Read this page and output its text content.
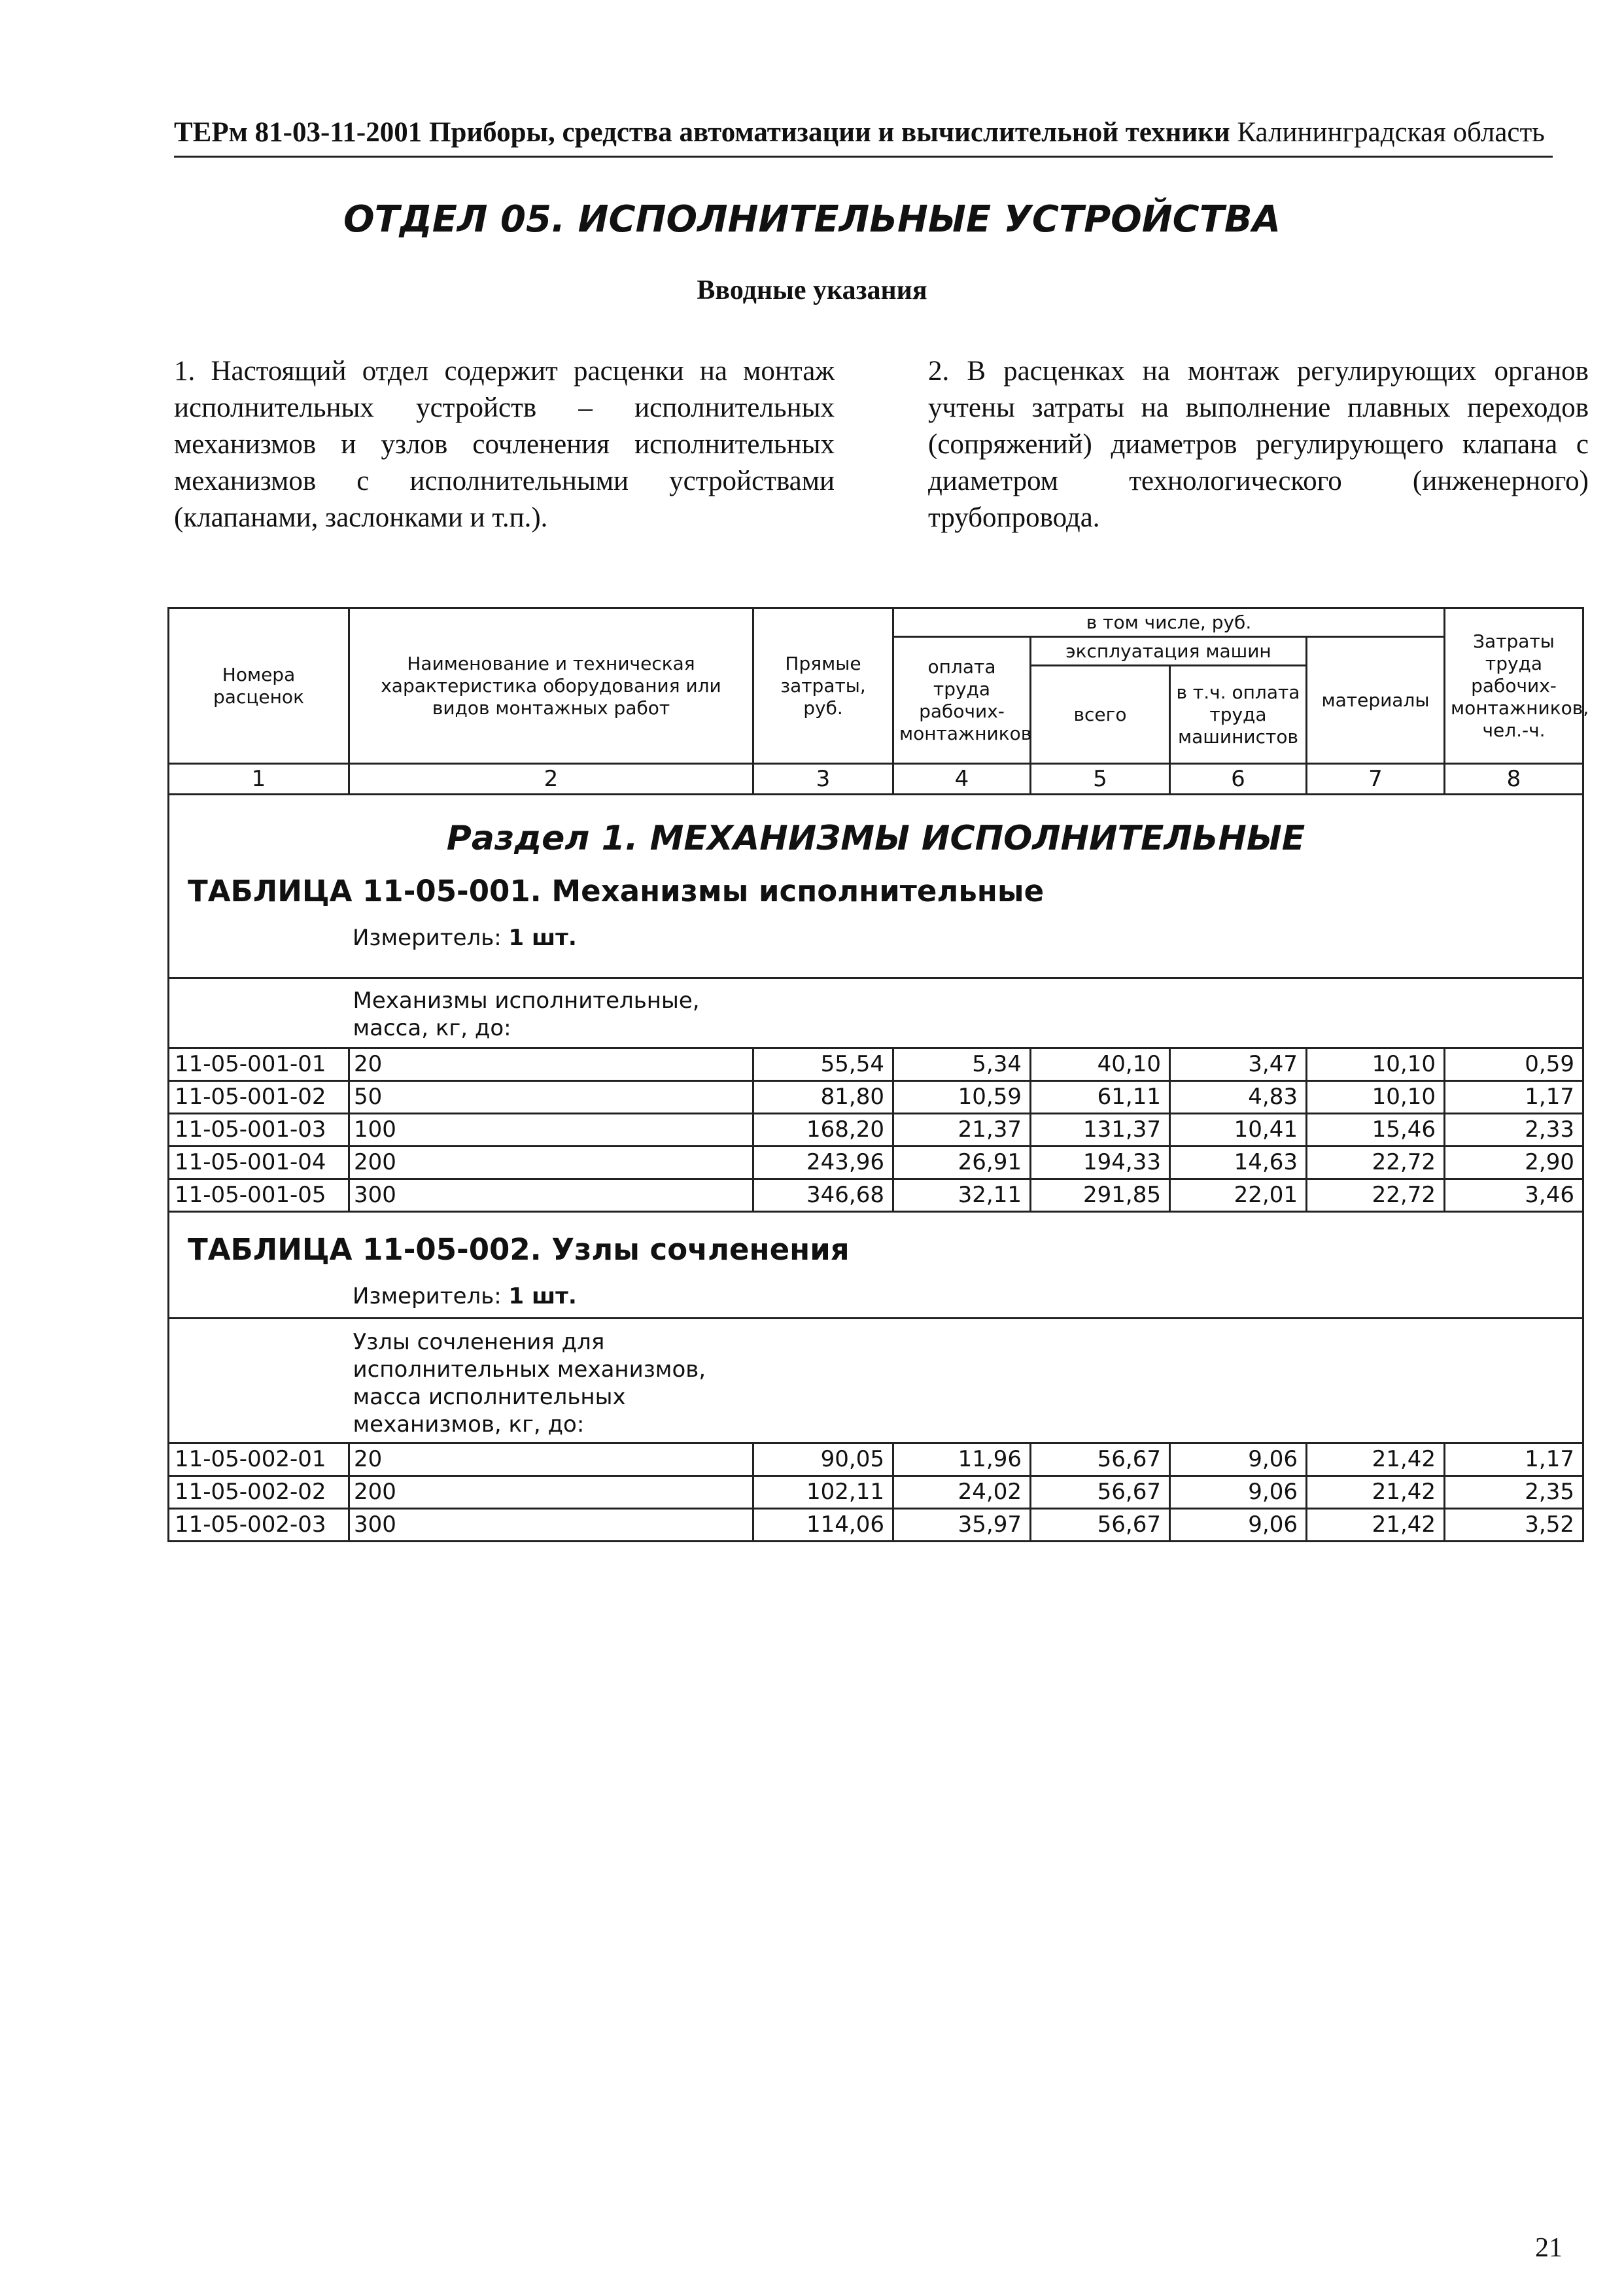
ТЕРм 81-03-11-2001 Приборы, средства автоматизации и вычислительной техники Калининградская область
ОТДЕЛ 05. ИСПОЛНИТЕЛЬНЫЕ УСТРОЙСТВА
Вводные указания
1. Настоящий отдел содержит расценки на монтаж исполнительных устройств – исполнительных механизмов и узлов сочленения исполнительных механизмов с исполнительными устройствами (клапанами, заслонками и т.п.).
2. В расценках на монтаж регулирующих органов учтены затраты на выполнение плавных переходов (сопряжений) диаметров регулирующего клапана с диаметром технологического (инженерного) трубопровода.
Номера расценок	Наименование и техническая характеристика оборудования или видов монтажных работ	Прямые затраты, руб.	в том числе, руб.				Затраты труда рабочих-монтажников, чел.-ч.
			оплата труда рабочих-монтажников	эксплуатация машин		материалы	
				всего	в т.ч. оплата труда машинистов		
1	2	3	4	5	6	7	8

Раздел 1. МЕХАНИЗМЫ ИСПОЛНИТЕЛЬНЫЕ
ТАБЛИЦА 11-05-001. Механизмы исполнительные
Измеритель: 1 шт.							

	Механизмы исполнительные, масса, кг, до:						

11-05-001-01	20	55,54	5,34	40,10	3,47	10,10	0,59
11-05-001-02	50	81,80	10,59	61,11	4,83	10,10	1,17
11-05-001-03	100	168,20	21,37	131,37	10,41	15,46	2,33
11-05-001-04	200	243,96	26,91	194,33	14,63	22,72	2,90
11-05-001-05	300	346,68	32,11	291,85	22,01	22,72	3,46

ТАБЛИЦА 11-05-002. Узлы сочленения
Измеритель: 1 шт.							

	Узлы сочленения для исполнительных механизмов, масса исполнительных механизмов, кг, до:						

11-05-002-01	20	90,05	11,96	56,67	9,06	21,42	1,17
11-05-002-02	200	102,11	24,02	56,67	9,06	21,42	2,35
11-05-002-03	300	114,06	35,97	56,67	9,06	21,42	3,52
21
